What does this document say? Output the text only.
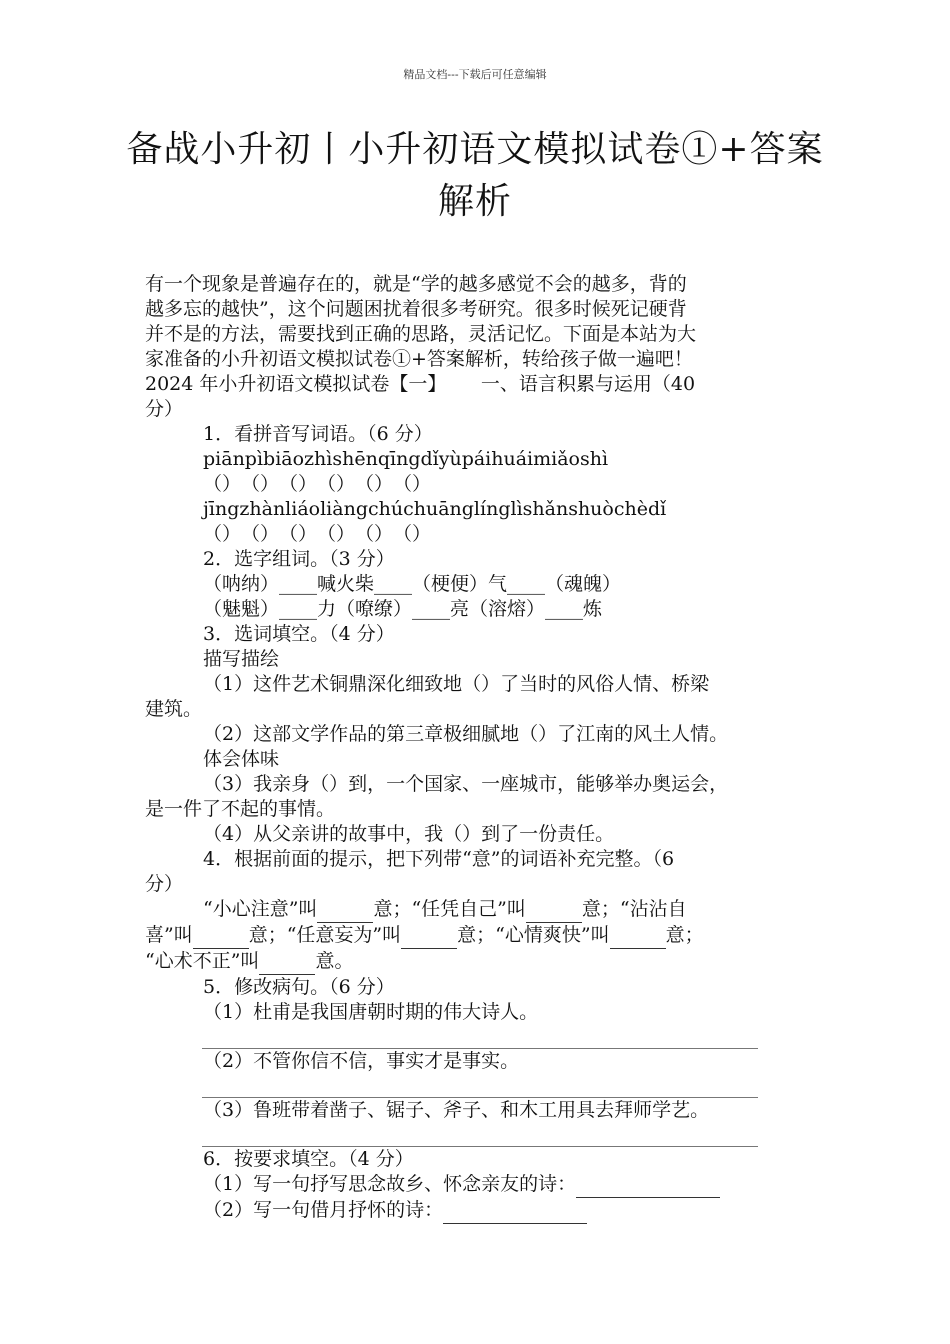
精品文档---下载后可任意编辑
备战小升初丨小升初语文模拟试卷①+答案
解析

有一个现象是普遍存在的，就是“学的越多感觉不会的越多，背的

越多忘的越快”，这个问题困扰着很多考研究。很多时候死记硬背

并不是的方法，需要找到正确的思路，灵活记忆。下面是本站为大

家准备的小升初语文模拟试卷①+答案解析，转给孩子做一遍吧！

2024 年小升初语文模拟试卷【一】　　 一、语言积累与运用（40

分）

1．看拼音写词语。（6 分）

piānpìbiāozhìshēnqīngdǐyùpáihuáimiǎoshì

（）　（）　（）　（）　（）　（）

jīngzhànliáoliàngchúchuānglínglìshǎnshuòchèdǐ

（）　（）　（）　（）　（）　（）

2．选字组词。（3 分）

（呐纳）____喊火柴____（梗便）气____（魂魄）

（魅魁）____力（嘹缭）____亮（溶熔）____炼

3．选词填空。（4 分）

描写描绘

（1）这件艺术铜鼎深化细致地（）了当时的风俗人情、桥梁

建筑。

（2）这部文学作品的第三章极细腻地（）了江南的风土人情。

体会体味

（3）我亲身（）到，一个国家、一座城市，能够举办奥运会，

是一件了不起的事情。

（4）从父亲讲的故事中，我（）到了一份责任。

4．根据前面的提示，把下列带“意”的词语补充完整。（6

分）

“小心注意”叫	意；“任凭自己”叫	意；“沾沾自

喜”叫	意；“任意妄为”叫	意；“心情爽快”叫	意；

“心术不正”叫	意。

5．修改病句。（6 分）

（1）杜甫是我国唐朝时期的伟大诗人。

（2）不管你信不信，事实才是事实。

（3）鲁班带着凿子、锯子、斧子、和木工用具去拜师学艺。

6．按要求填空。（4 分）

（1）写一句抒写思念故乡、怀念亲友的诗：

（2）写一句借月抒怀的诗：
